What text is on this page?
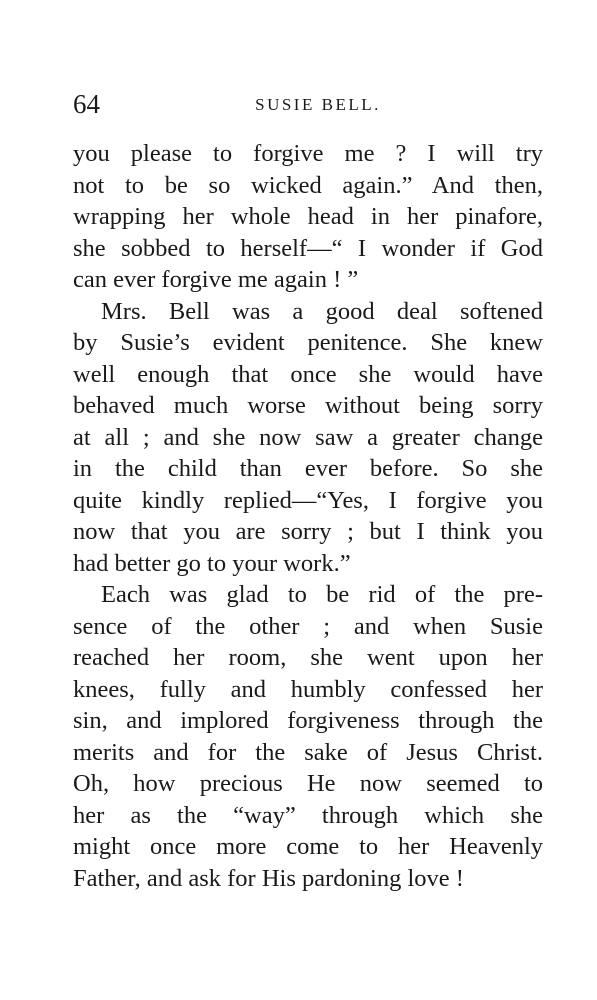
64	SUSIE BELL.
you please to forgive me ? I will try
not to be so wicked again.” And then,
wrapping her whole head in her pinafore,
she sobbed to herself—“ I wonder if God
can ever forgive me again ! ”
Mrs. Bell was a good deal softened
by Susie’s evident penitence. She knew
well enough that once she would have
behaved much worse without being sorry
at all ; and she now saw a greater change
in the child than ever before. So she
quite kindly replied—“Yes, I forgive you
now that you are sorry ; but I think you
had better go to your work.”
Each was glad to be rid of the pre-
sence of the other ; and when Susie
reached her room, she went upon her
knees, fully and humbly confessed her
sin, and implored forgiveness through the
merits and for the sake of Jesus Christ.
Oh, how precious He now seemed to
her as the “way” through which she
might once more come to her Heavenly
Father, and ask for His pardoning love !
